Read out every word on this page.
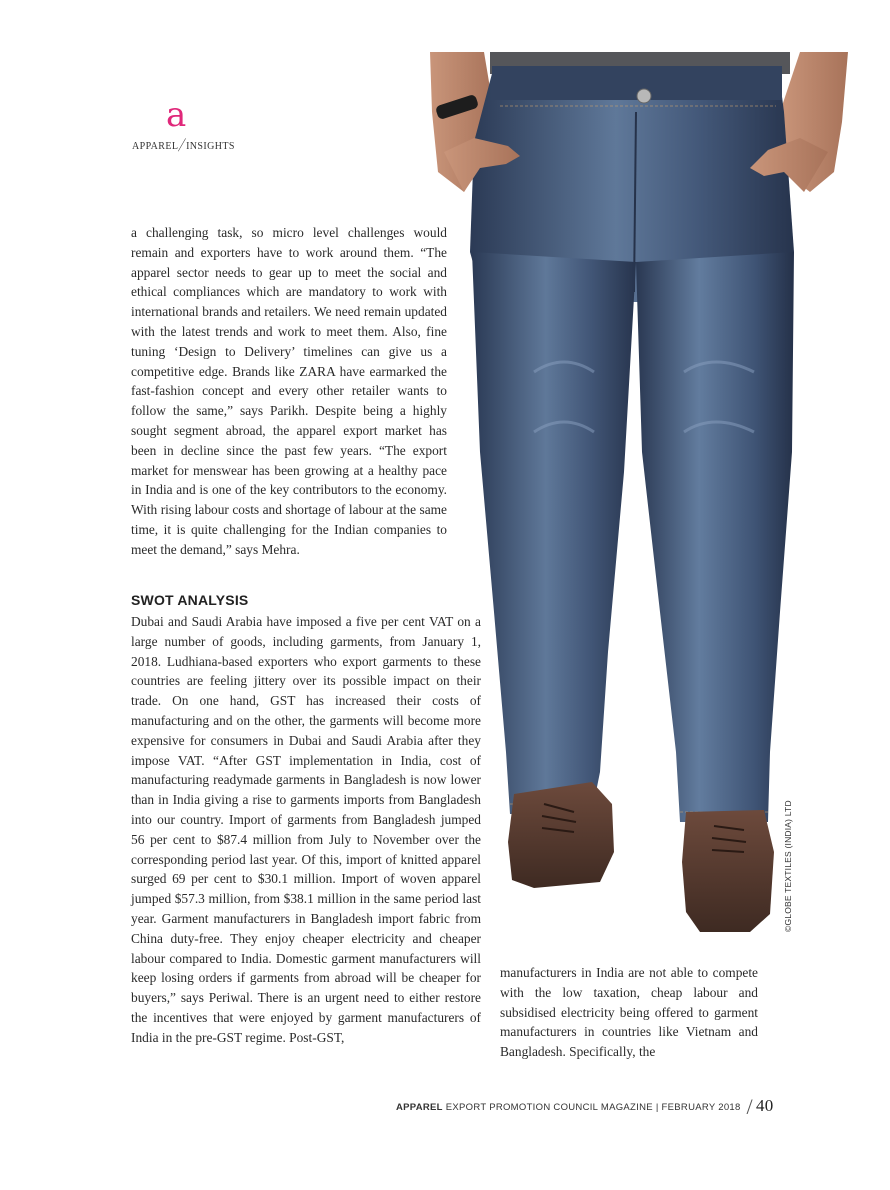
a
APPAREL/INSIGHTS

a challenging task, so micro level challenges would remain and exporters have to work around them. “The apparel sector needs to gear up to meet the social and ethical compliances which are mandatory to work with international brands and retailers. We need remain updated with the latest trends and work to meet them. Also, fine tuning ‘Design to Delivery’ timelines can give us a competitive edge. Brands like ZARA have earmarked the fast-fashion concept and every other retailer wants to follow the same,” says Parikh. Despite being a highly sought segment abroad, the apparel export market has been in decline since the past few years. “The export market for menswear has been growing at a healthy pace in India and is one of the key contributors to the economy. With rising labour costs and shortage of labour at the same time, it is quite challenging for the Indian companies to meet the demand,” says Mehra.

SWOT ANALYSIS

Dubai and Saudi Arabia have imposed a five per cent VAT on a large number of goods, including garments, from January 1, 2018. Ludhiana-based exporters who export garments to these countries are feeling jittery over its possible impact on their trade. On one hand, GST has increased their costs of manufacturing and on the other, the garments will become more expensive for consumers in Dubai and Saudi Arabia after they impose VAT. “After GST implementation in India, cost of manufacturing readymade garments in Bangladesh is now lower than in India giving a rise to garments imports from Bangladesh into our country. Import of garments from Bangladesh jumped 56 per cent to $87.4 million from July to November over the corresponding period last year. Of this, import of knitted apparel surged 69 per cent to $30.1 million. Import of woven apparel jumped $57.3 million, from $38.1 million in the same period last year. Garment manufacturers in Bangladesh import fabric from China duty-free. They enjoy cheaper electricity and cheaper labour compared to India. Domestic garment manufacturers will keep losing orders if garments from abroad will be cheaper for buyers,” says Periwal. There is an urgent need to either restore the incentives that were enjoyed by garment manufacturers of India in the pre-GST regime. Post-GST,

manufacturers in India are not able to compete with the low taxation, cheap labour and subsidised electricity being offered to garment manufacturers in countries like Vietnam and Bangladesh. Specifically, the

©GLOBE TEXTILES (INDIA) LTD
APPAREL EXPORT PROMOTION COUNCIL MAGAZINE | FEBRUARY 2018 / 40
